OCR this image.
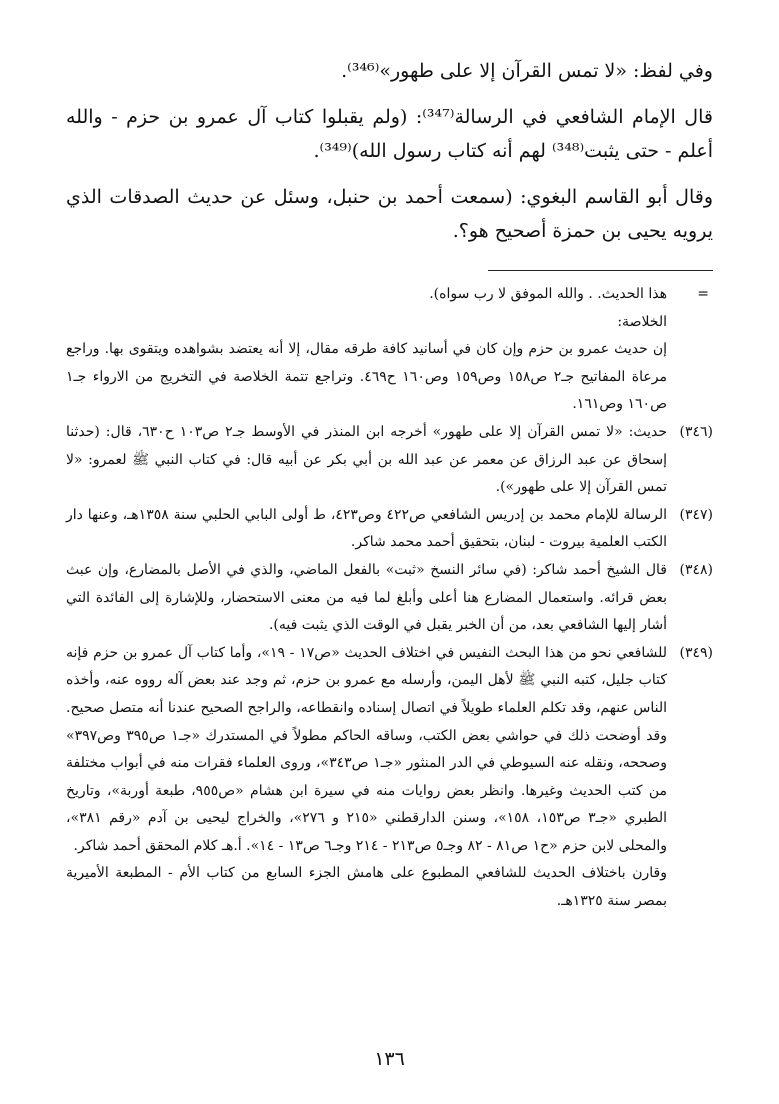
وفي لفظ: «لا تمس القرآن إلا على طهور»⁽³⁴⁶⁾.

قال الإمام الشافعي في الرسالة⁽³⁴⁷⁾: (ولم يقبلوا كتاب آل عمرو بن حزم - والله أعلم - حتى يثبت⁽³⁴⁸⁾ لهم أنه كتاب رسول الله)⁽³⁴⁹⁾.

وقال أبو القاسم البغوي: (سمعت أحمد بن حنبل، وسئل عن حديث الصدقات الذي يرويه يحيى بن حمزة أصحيح هو؟.

=
هذا الحديث. . والله الموفق لا رب سواه).
الخلاصة:
إن حديث عمرو بن حزم وإن كان في أسانيد كافة طرقه مقال، إلا أنه يعتضد بشواهده ويتقوى بها. وراجع مرعاة المفاتيح جـ٢ ص١٥٨ وص١٥٩ وص١٦٠ ح٤٦٩. وتراجع تتمة الخلاصة في التخريج من الارواء جـ١ ص١٦٠ وص١٦١.
(٣٤٦)
حديث: «لا تمس القرآن إلا على طهور» أخرجه ابن المنذر في الأوسط جـ٢ ص١٠٣ ح٦٣٠، قال: (حدثنا إسحاق عن عبد الرزاق عن معمر عن عبد الله بن أبي بكر عن أبيه قال: في كتاب النبي ﷺ لعمرو: «لا تمس القرآن إلا على طهور»).
(٣٤٧)
الرسالة للإمام محمد بن إدريس الشافعي ص٤٢٢ وص٤٢٣، ط أولى البابي الحلبي سنة ١٣٥٨هـ، وعنها دار الكتب العلمية بيروت - لبنان، بتحقيق أحمد محمد شاكر.
(٣٤٨)
قال الشيخ أحمد شاكر: (في سائر النسخ «ثبت» بالفعل الماضي، والذي في الأصل بالمضارع، وإن عبث بعض قرائه. واستعمال المضارع هنا أعلى وأبلغ لما فيه من معنى الاستحضار، وللإشارة إلى الفائدة التي أشار إليها الشافعي بعد، من أن الخبر يقبل في الوقت الذي يثبت فيه).
(٣٤٩)
للشافعي نحو من هذا البحث النفيس في اختلاف الحديث «ص١٧ - ١٩»، وأما كتاب آل عمرو بن حزم فإنه كتاب جليل، كتبه النبي ﷺ لأهل اليمن، وأرسله مع عمرو بن حزم، ثم وجد عند بعض آله رووه عنه، وأخذه الناس عنهم، وقد تكلم العلماء طويلاً في اتصال إسناده وانقطاعه، والراجح الصحيح عندنا أنه متصل صحيح. وقد أوضحت ذلك في حواشي بعض الكتب، وساقه الحاكم مطولاً في المستدرك «جـ١ ص٣٩٥ وص٣٩٧» وصححه، ونقله عنه السيوطي في الدر المنثور «جـ١ ص٣٤٣»، وروى العلماء فقرات منه في أبواب مختلفة من كتب الحديث وغيرها. وانظر بعض روايات منه في سيرة ابن هشام «ص٩٥٥، طبعة أوربة»، وتاريخ الطبري «جـ٣ ص١٥٣، ١٥٨»، وسنن الدارقطني «٢١٥ و ٢٧٦»، والخراج ليحيى بن آدم «رقم ٣٨١»، والمحلى لابن حزم «ح١ ص٨١ - ٨٢ وجـ٥ ص٢١٣ - ٢١٤ وجـ٦ ص١٣ - ١٤». أ.هـ كلام المحقق أحمد شاكر.
وقارن باختلاف الحديث للشافعي المطبوع على هامش الجزء السابع من كتاب الأم - المطبعة الأميرية بمصر سنة ١٣٢٥هـ.
١٣٦
